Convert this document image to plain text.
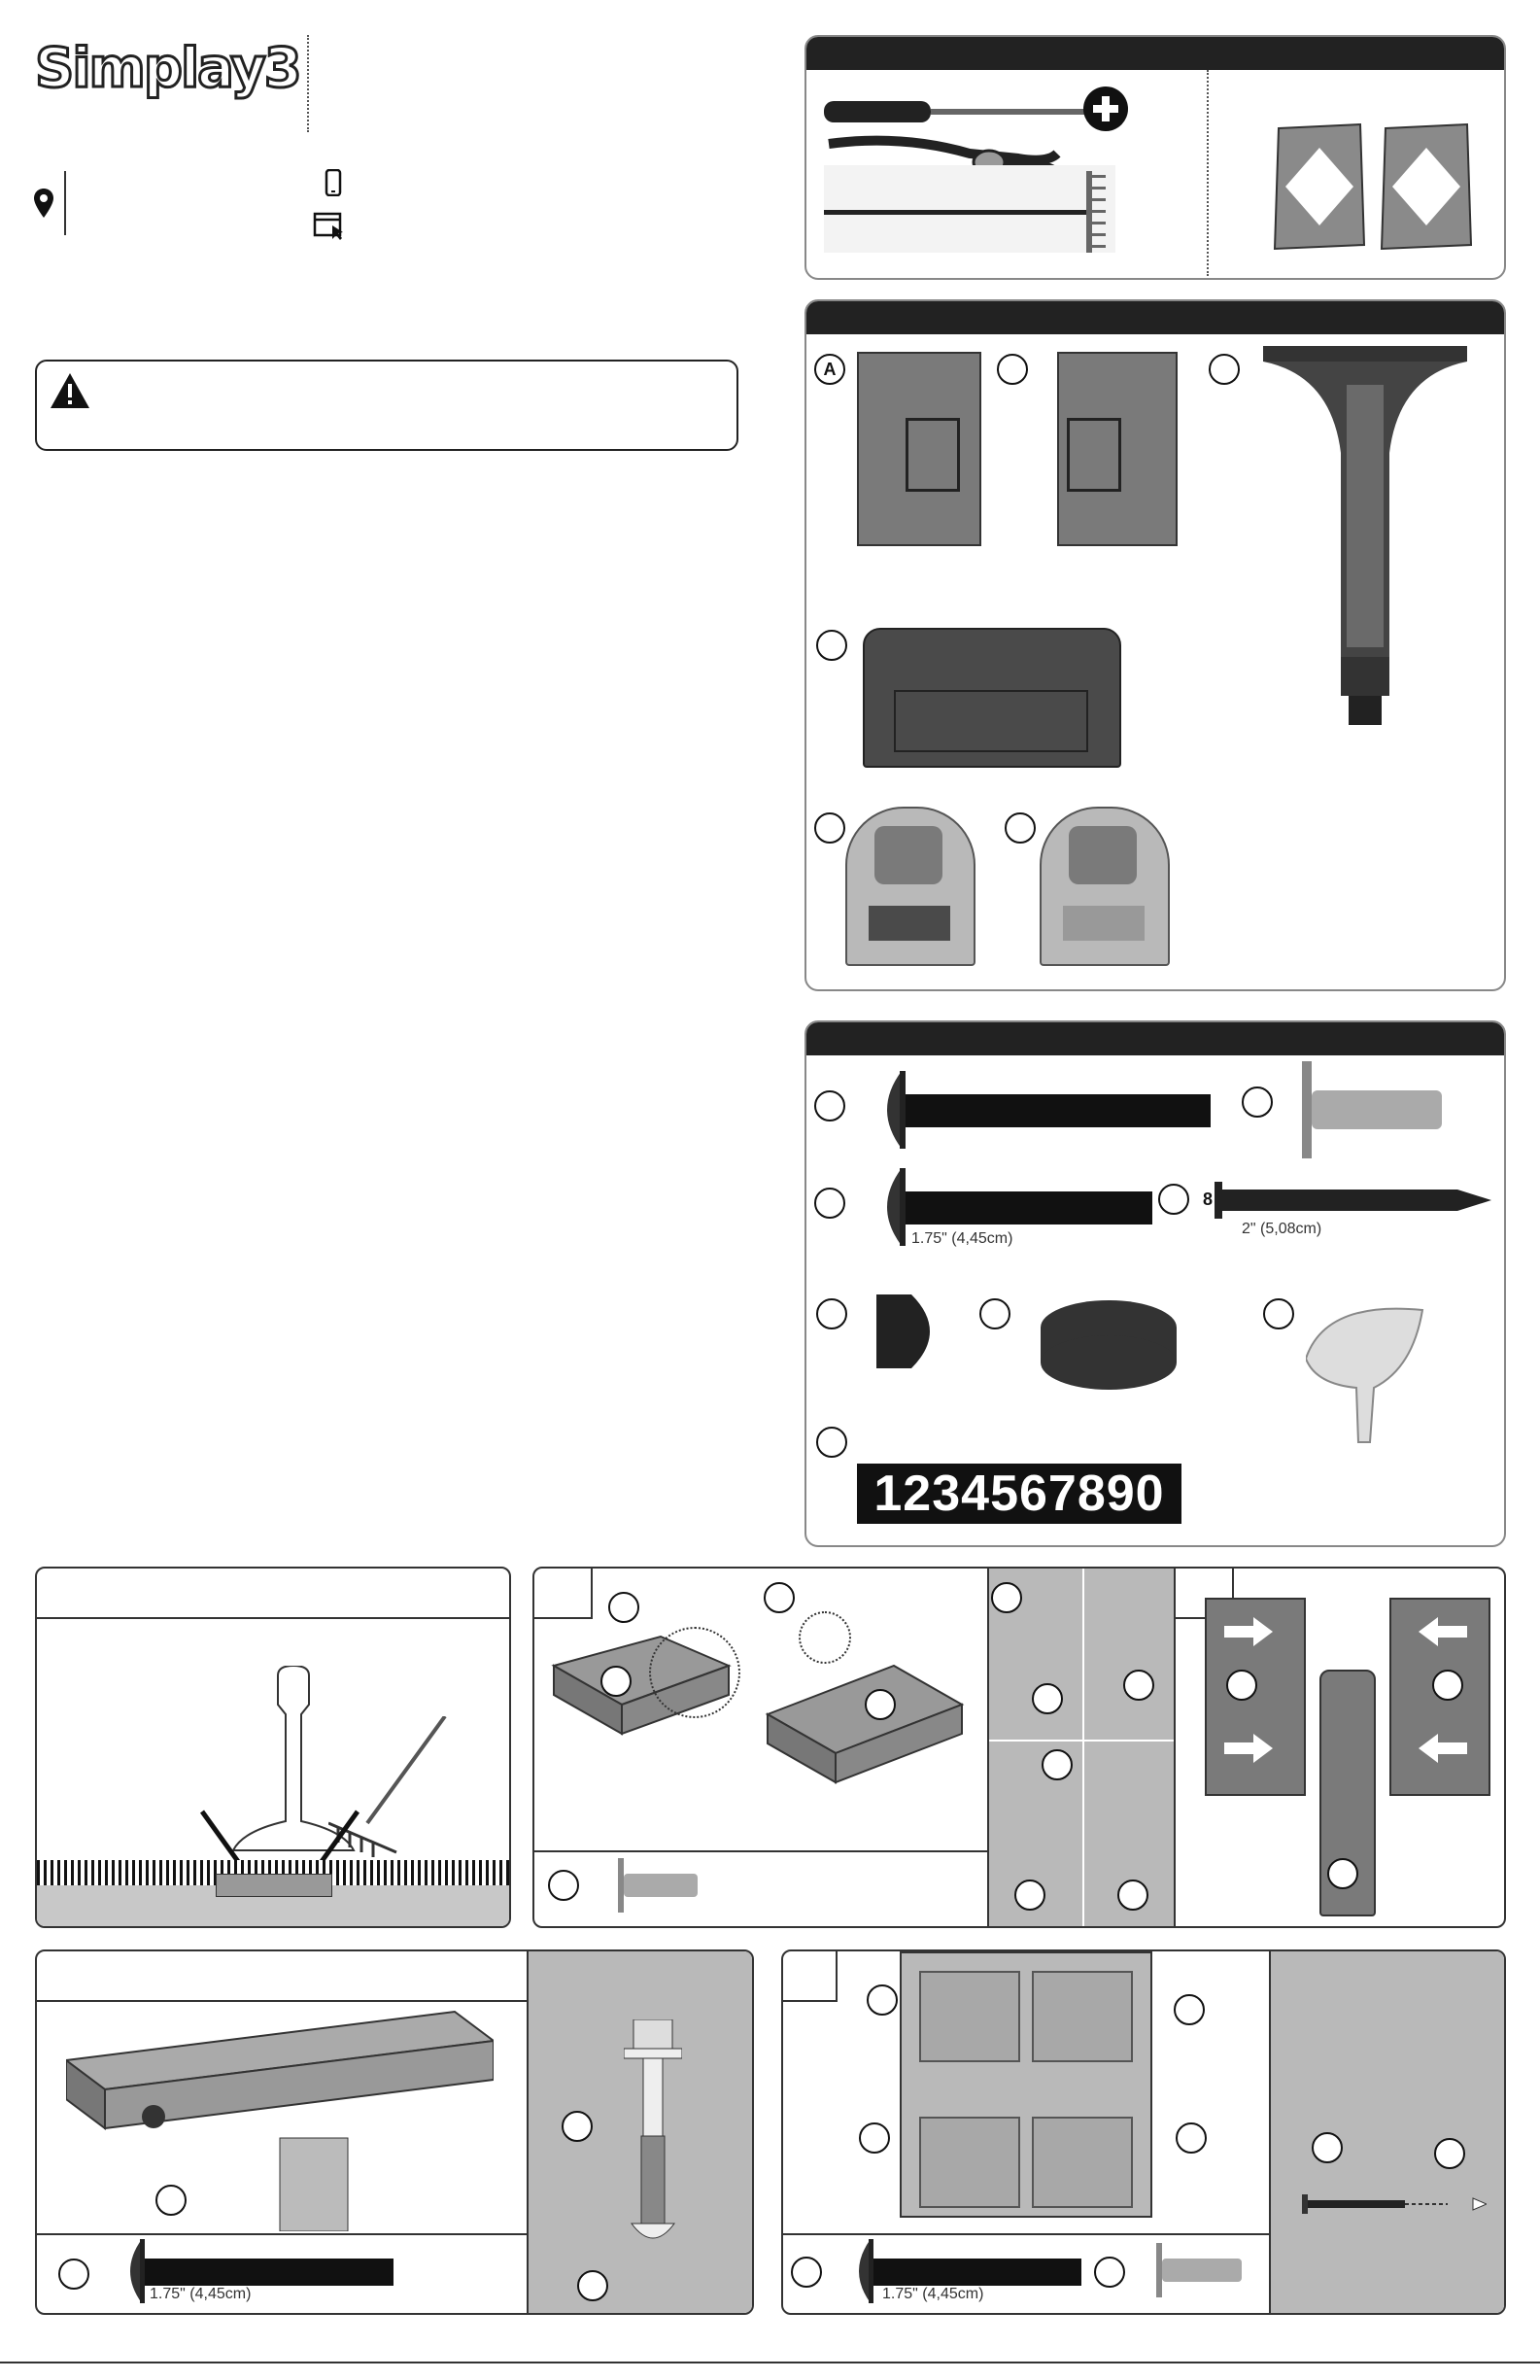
Simplay3
A
1.75" (4,45cm)
8
2" (5,08cm)
1234567890
1.75" (4,45cm)	1.75" (4,45cm)
